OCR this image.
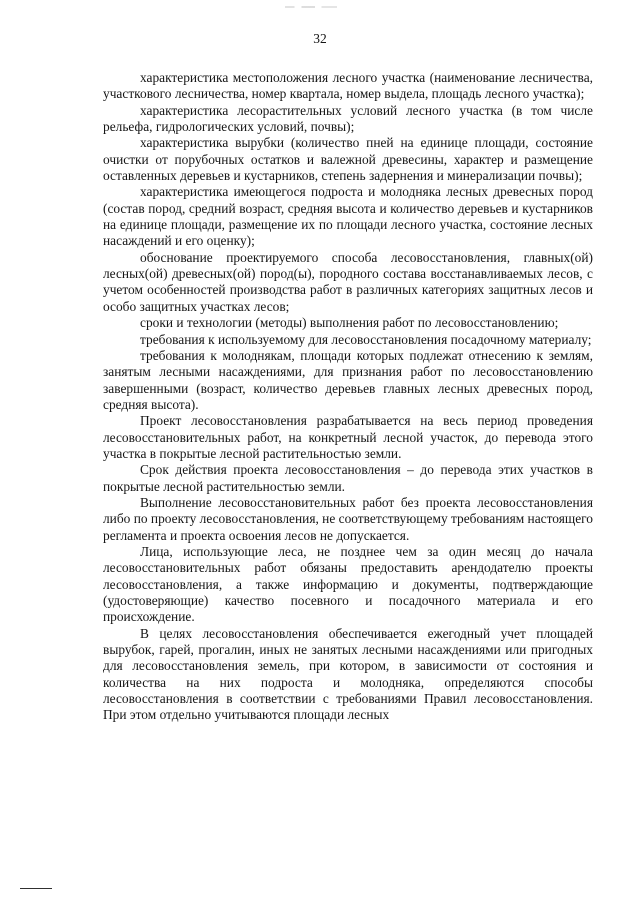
32

характеристика местоположения лесного участка (наименование лесничества, участкового лесничества, номер квартала, номер выдела, площадь лесного участка);

характеристика лесорастительных условий лесного участка (в том числе рельефа, гидрологических условий, почвы);

характеристика вырубки (количество пней на единице площади, состояние очистки от порубочных остатков и валежной древесины, характер и размещение оставленных деревьев и кустарников, степень задернения и минерализации почвы);

характеристика имеющегося подроста и молодняка лесных древесных пород (состав пород, средний возраст, средняя высота и количество деревьев и кустарников на единице площади, размещение их по площади лесного участка, состояние лесных насаждений и его оценку);

обоснование проектируемого способа лесовосстановления, главных(ой) лесных(ой) древесных(ой) пород(ы), породного состава восстанавливаемых лесов, с учетом особенностей производства работ в различных категориях защитных лесов и особо защитных участках лесов;

сроки и технологии (методы) выполнения работ по лесовосстановлению;

требования к используемому для лесовосстановления посадочному материалу;

требования к молоднякам, площади которых подлежат отнесению к землям, занятым лесными насаждениями, для признания работ по лесовосстановлению завершенными (возраст, количество деревьев главных лесных древесных пород, средняя высота).

Проект лесовосстановления разрабатывается на весь период проведения лесовосстановительных работ, на конкретный лесной участок, до перевода этого участка в покрытые лесной растительностью земли.

Срок действия проекта лесовосстановления – до перевода этих участков в покрытые лесной растительностью земли.

Выполнение лесовосстановительных работ без проекта лесовосстановления либо по проекту лесовосстановления, не соответствующему требованиям настоящего регламента и проекта освоения лесов не допускается.

Лица, использующие леса, не позднее чем за один месяц до начала лесовосстановительных работ обязаны предоставить арендодателю проекты лесовосстановления, а также информацию и документы, подтверждающие (удостоверяющие) качество посевного и посадочного материала и его происхождение.

В целях лесовосстановления обеспечивается ежегодный учет площадей вырубок, гарей, прогалин, иных не занятых лесными насаждениями или пригодных для лесовосстановления земель, при котором, в зависимости от состояния и количества на них подроста и молодняка, определяются способы лесовосстановления в соответствии с требованиями Правил лесовосстановления. При этом отдельно учитываются площади лесных
